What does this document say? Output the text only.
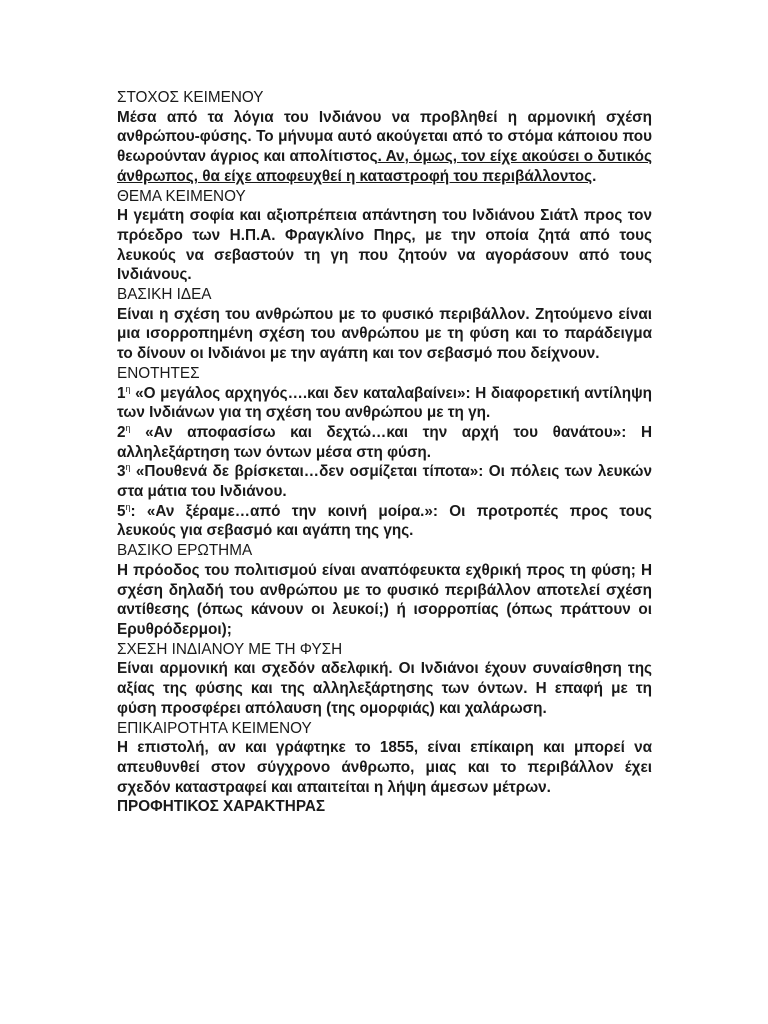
ΣΤΟΧΟΣ ΚΕΙΜΕΝΟΥ
Μέσα από τα λόγια του Ινδιάνου να προβληθεί η αρμονική σχέση ανθρώπου-φύσης. Το μήνυμα αυτό ακούγεται από το στόμα κάποιου που θεωρούνταν άγριος και απολίτιστος. Αν, όμως, τον είχε ακούσει ο δυτικός άνθρωπος, θα είχε αποφευχθεί η καταστροφή του περιβάλλοντος.
ΘΕΜΑ ΚΕΙΜΕΝΟΥ
Η γεμάτη σοφία και αξιοπρέπεια απάντηση του Ινδιάνου Σιάτλ προς τον πρόεδρο των Η.Π.Α. Φραγκλίνο Πηρς, με την οποία ζητά από τους λευκούς να σεβαστούν τη γη που ζητούν να αγοράσουν από τους Ινδιάνους.
ΒΑΣΙΚΗ ΙΔΕΑ
Είναι η σχέση του ανθρώπου με το φυσικό περιβάλλον. Ζητούμενο είναι μια ισορροπημένη σχέση του ανθρώπου με τη φύση και το παράδειγμα το δίνουν οι Ινδιάνοι με την αγάπη και τον σεβασμό που δείχνουν.
ΕΝΟΤΗΤΕΣ
$1^\eta$ «Ο μεγάλος αρχηγός….και δεν καταλαβαίνει»: Η διαφορετική αντίληψη των Ινδιάνων για τη σχέση του ανθρώπου με τη γη.
$2^\eta$ «Αν αποφασίσω και δεχτώ…και την αρχή του θανάτου»: Η αλληλεξάρτηση των όντων μέσα στη φύση.
$3^\eta$ «Πουθενά δε βρίσκεται…δεν οσμίζεται τίποτα»: Οι πόλεις των λευκών στα μάτια του Ινδιάνου.
$5^\eta$: «Αν ξέραμε…από την κοινή μοίρα.»: Οι προτροπές προς τους λευκούς για σεβασμό και αγάπη της γης.
ΒΑΣΙΚΟ ΕΡΩΤΗΜΑ
Η πρόοδος του πολιτισμού είναι αναπόφευκτα εχθρική προς τη φύση; Η σχέση δηλαδή του ανθρώπου με το φυσικό περιβάλλον αποτελεί σχέση αντίθεσης (όπως κάνουν οι λευκοί;) ή ισορροπίας (όπως πράττουν οι Ερυθρόδερμοι);
ΣΧΕΣΗ ΙΝΔΙΑΝΟΥ ΜΕ ΤΗ ΦΥΣΗ
Είναι αρμονική και σχεδόν αδελφική. Οι Ινδιάνοι έχουν συναίσθηση της αξίας της φύσης και της αλληλεξάρτησης των όντων. Η επαφή με τη φύση προσφέρει απόλαυση (της ομορφιάς) και χαλάρωση.
ΕΠΙΚΑΙΡΟΤΗΤΑ ΚΕΙΜΕΝΟΥ
Η επιστολή, αν και γράφτηκε το 1855, είναι επίκαιρη και μπορεί να απευθυνθεί στον σύγχρονο άνθρωπο, μιας και το περιβάλλον έχει σχεδόν καταστραφεί και απαιτείται η λήψη άμεσων μέτρων.
ΠΡΟΦΗΤΙΚΟΣ ΧΑΡΑΚΤΗΡΑΣ
